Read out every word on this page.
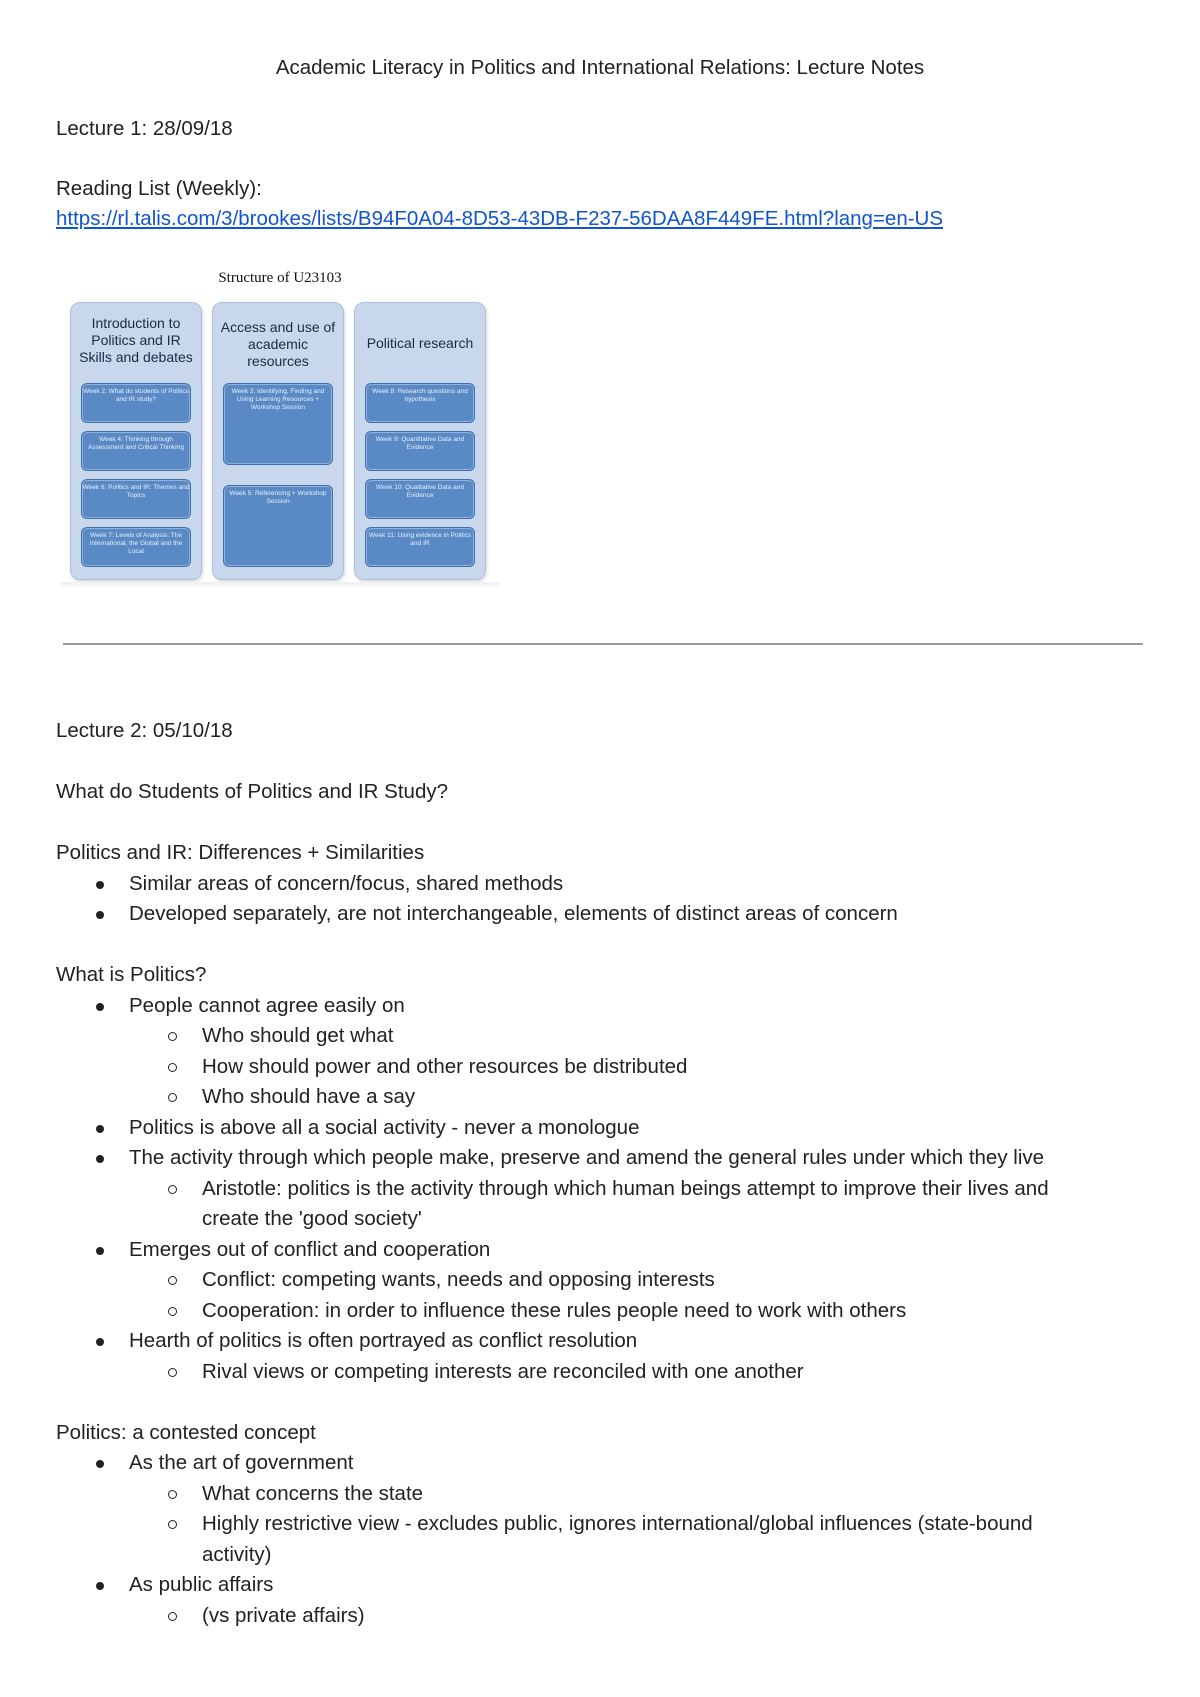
Academic Literacy in Politics and International Relations: Lecture Notes
Lecture 1: 28/09/18
Reading List (Weekly):
https://rl.talis.com/3/brookes/lists/B94F0A04-8D53-43DB-F237-56DAA8F449FE.html?lang=en-US
Structure of U23103
Introduction to Politics and IR Skills and debates
Week 2: What do students of Politics and IR study?
Week 4: Thinking through Assessment and Critical Thinking
Week 6: Politics and IR: Themes and Topics
Week 7: Levels of Analysis: The International, the Global and the Local
Access and use of academic resources
Week 3: Identifying, Finding and Using Learning Resources + Workshop Session
Week 5: Referencing + Workshop Session
Political research
Week 8: Research questions and hypothesis
Week 9: Quantitative Data and Evidence
Week 10: Qualitative Data and Evidence
Week 11: Using evidence in Politics and IR

Lecture 2: 05/10/18

What do Students of Politics and IR Study?

Politics and IR: Differences + Similarities

Similar areas of concern/focus, shared methods

Developed separately, are not interchangeable, elements of distinct areas of concern

What is Politics?

People cannot agree easily on

Who should get what

How should power and other resources be distributed

Who should have a say

Politics is above all a social activity - never a monologue

The activity through which people make, preserve and amend the general rules under which they live

Aristotle: politics is the activity through which human beings attempt to improve their lives and

create the 'good society'

Emerges out of conflict and cooperation

Conflict: competing wants, needs and opposing interests

Cooperation: in order to influence these rules people need to work with others

Hearth of politics is often portrayed as conflict resolution

Rival views or competing interests are reconciled with one another

Politics: a contested concept

As the art of government

What concerns the state

Highly restrictive view - excludes public, ignores international/global influences (state-bound

activity)

As public affairs

(vs private affairs)
